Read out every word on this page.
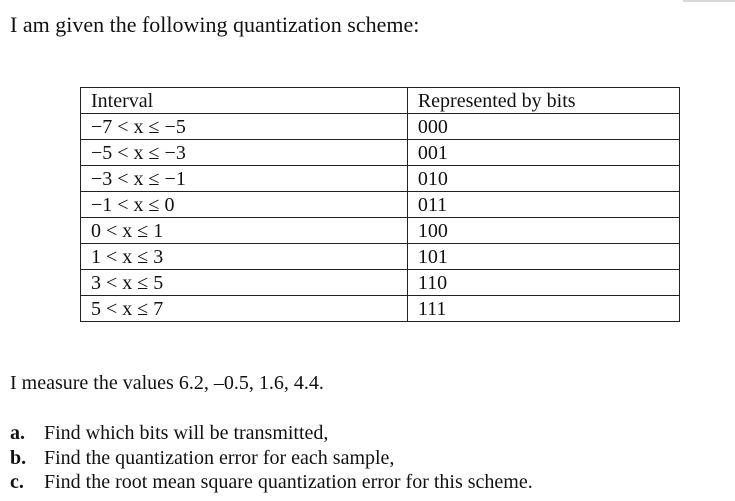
I am given the following quantization scheme:

Interval	Represented by bits
−7 < x ≤ −5	000
−5 < x ≤ −3	001
−3 < x ≤ −1	010
−1 < x ≤ 0	011
0 < x ≤ 1	100
1 < x ≤ 3	101
3 < x ≤ 5	110
5 < x ≤ 7	111

I measure the values 6.2, –0.5, 1.6, 4.4.

a. Find which bits will be transmitted,
b. Find the quantization error for each sample,
c. Find the root mean square quantization error for this scheme.
